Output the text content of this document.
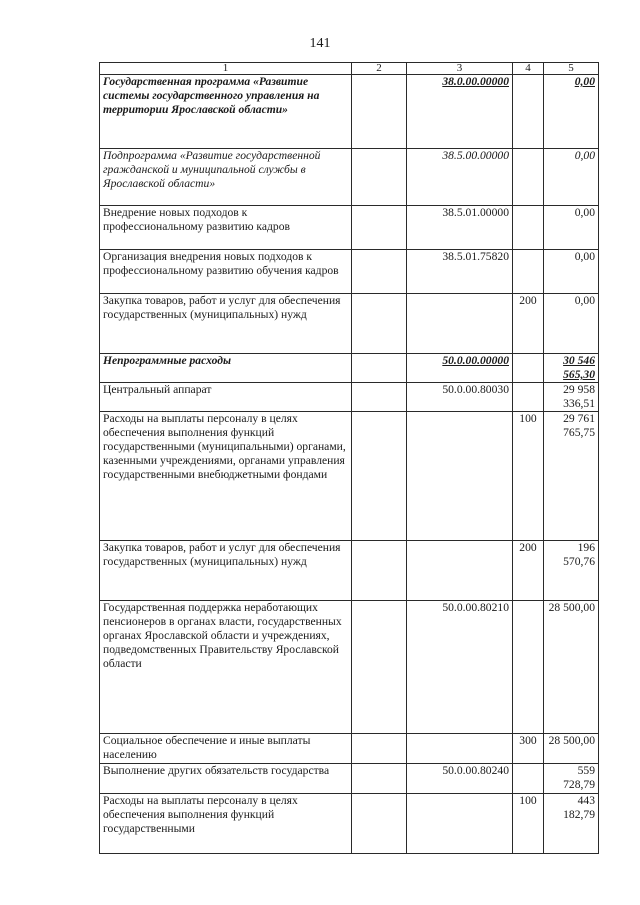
141
1	2	3	4	5
Государственная программа «Развитие системы государственного управления на территории Ярославской области»		38.0.00.00000		0,00
Подпрограмма «Развитие государственной гражданской и муниципальной службы в Ярославской области»		38.5.00.00000		0,00
Внедрение новых подходов к профессиональному развитию кадров		38.5.01.00000		0,00
Организация внедрения новых подходов к профессиональному развитию обучения кадров		38.5.01.75820		0,00
Закупка товаров, работ и услуг для обеспечения государственных (муниципальных) нужд			200	0,00
Непрограммные расходы		50.0.00.00000		30 546 565,30
Центральный аппарат		50.0.00.80030		29 958 336,51
Расходы на выплаты персоналу в целях обеспечения выполнения функций государственными (муниципальными) органами, казенными учреждениями, органами управления государственными внебюджетными фондами			100	29 761 765,75
Закупка товаров, работ и услуг для обеспечения государственных (муниципальных) нужд			200	196 570,76
Государственная поддержка неработающих пенсионеров в органах власти, государственных органах Ярославской области и учреждениях, подведомственных Правительству Ярославской области		50.0.00.80210		28 500,00
Социальное обеспечение и иные выплаты населению			300	28 500,00
Выполнение других обязательств государства		50.0.00.80240		559 728,79
Расходы на выплаты персоналу в целях обеспечения выполнения функций государственными			100	443 182,79
